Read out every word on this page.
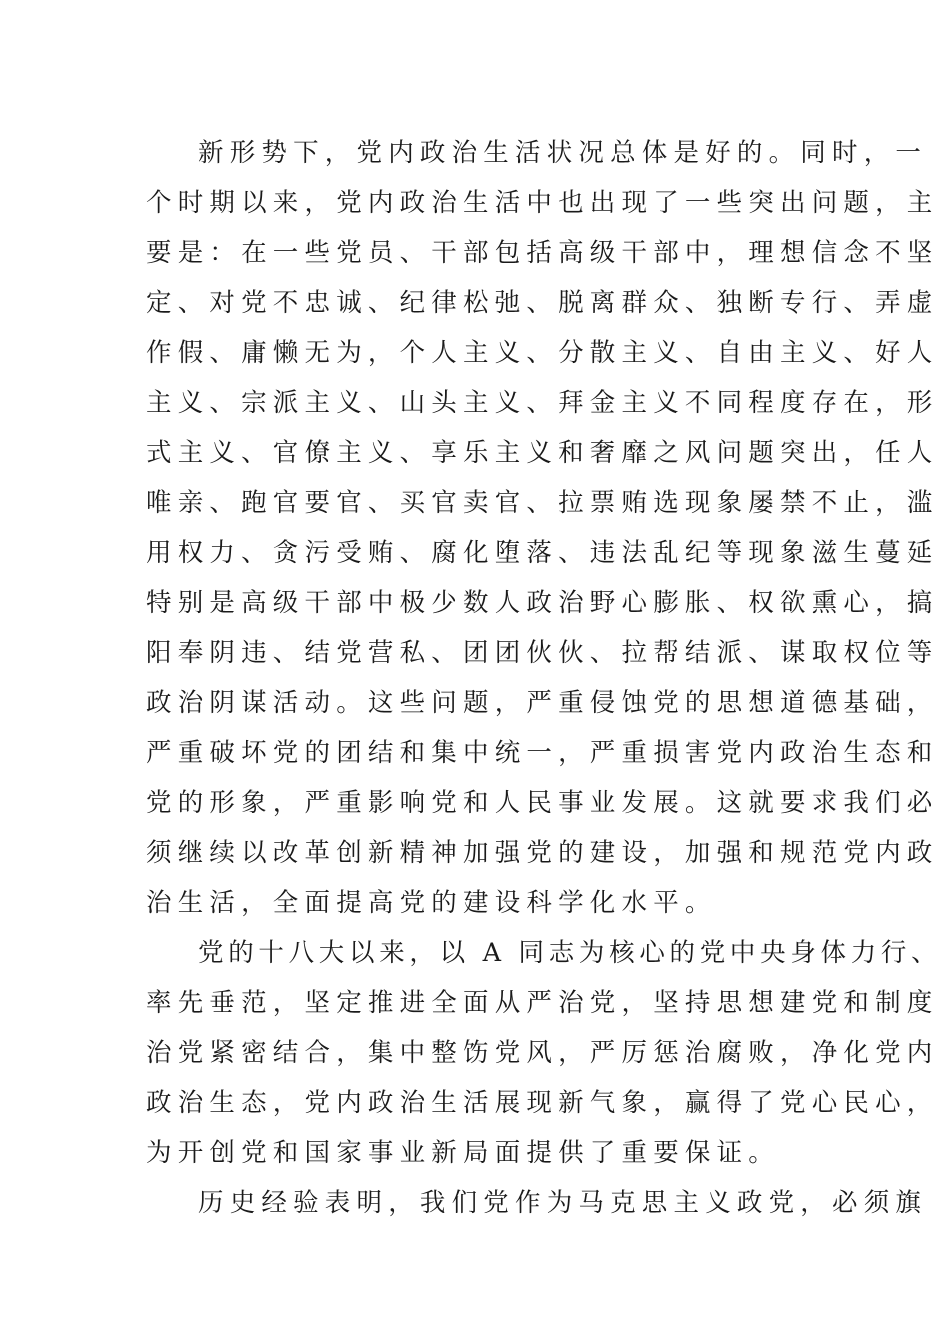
新形势下，党内政治生活状况总体是好的。同时，一
个时期以来，党内政治生活中也出现了一些突出问题，主
要是：在一些党员、干部包括高级干部中，理想信念不坚
定、对党不忠诚、纪律松弛、脱离群众、独断专行、弄虚
作假、庸懒无为，个人主义、分散主义、自由主义、好人
主义、宗派主义、山头主义、拜金主义不同程度存在，形
式主义、官僚主义、享乐主义和奢靡之风问题突出，任人
唯亲、跑官要官、买官卖官、拉票贿选现象屡禁不止，滥
用权力、贪污受贿、腐化堕落、违法乱纪等现象滋生蔓延
特别是高级干部中极少数人政治野心膨胀、权欲熏心，搞
阳奉阴违、结党营私、团团伙伙、拉帮结派、谋取权位等
政治阴谋活动。这些问题，严重侵蚀党的思想道德基础，
严重破坏党的团结和集中统一，严重损害党内政治生态和
党的形象，严重影响党和人民事业发展。这就要求我们必
须继续以改革创新精神加强党的建设，加强和规范党内政
治生活，全面提高党的建设科学化水平。
党的十八大以来，以 A 同志为核心的党中央身体力行、
率先垂范，坚定推进全面从严治党，坚持思想建党和制度
治党紧密结合，集中整饬党风，严厉惩治腐败，净化党内
政治生态，党内政治生活展现新气象，赢得了党心民心，
为开创党和国家事业新局面提供了重要保证。
历史经验表明，我们党作为马克思主义政党，必须旗
